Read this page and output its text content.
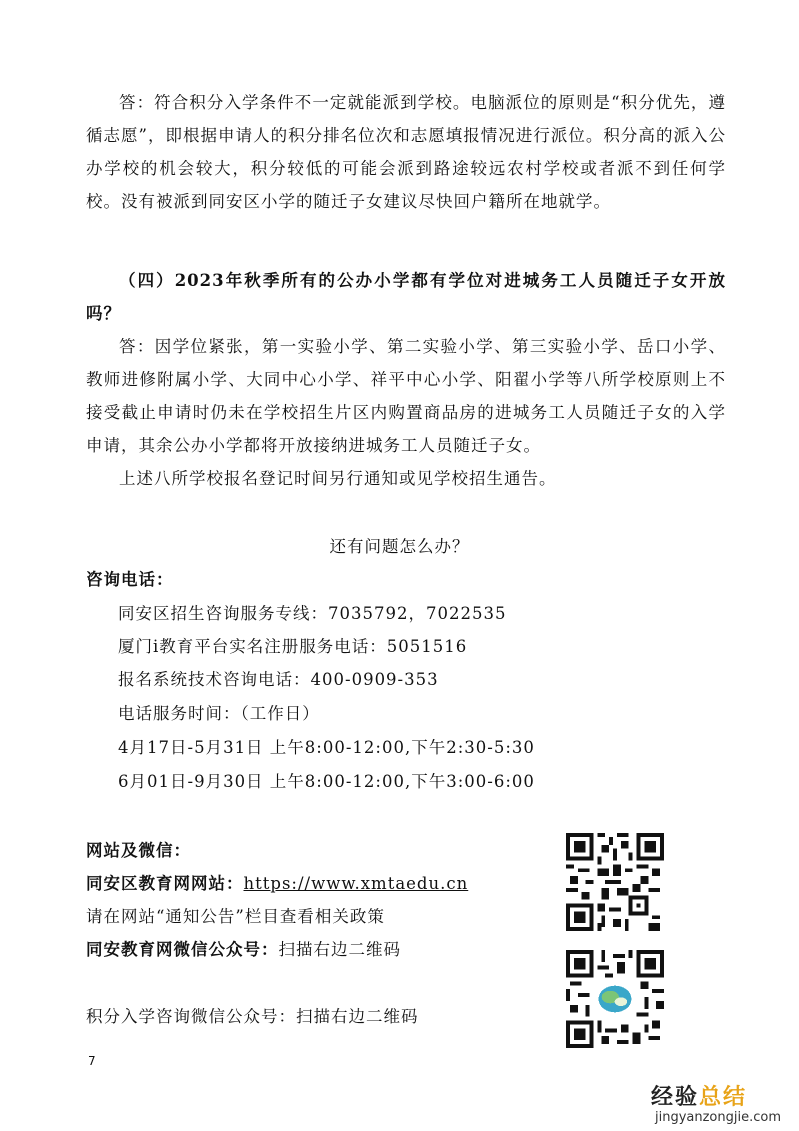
答：符合积分入学条件不一定就能派到学校。电脑派位的原则是“积分优先，遵循志愿”，即根据申请人的积分排名位次和志愿填报情况进行派位。积分高的派入公办学校的机会较大，积分较低的可能会派到路途较远农村学校或者派不到任何学校。没有被派到同安区小学的随迁子女建议尽快回户籍所在地就学。
（四）2023年秋季所有的公办小学都有学位对进城务工人员随迁子女开放吗？
答：因学位紧张，第一实验小学、第二实验小学、第三实验小学、岳口小学、教师进修附属小学、大同中心小学、祥平中心小学、阳翟小学等八所学校原则上不接受截止申请时仍未在学校招生片区内购置商品房的进城务工人员随迁子女的入学申请，其余公办小学都将开放接纳进城务工人员随迁子女。
上述八所学校报名登记时间另行通知或见学校招生通告。
还有问题怎么办？
咨询电话：
同安区招生咨询服务专线：7035792，7022535
厦门i教育平台实名注册服务电话：5051516
报名系统技术咨询电话：400-0909-353
电话服务时间：（工作日）
4月17日-5月31日 上午8:00-12:00,下午2:30-5:30
6月01日-9月30日 上午8:00-12:00,下午3:00-6:00
网站及微信：
同安区教育网网站：https://www.xmtaedu.cn
请在网站“通知公告”栏目查看相关政策
同安教育网微信公众号：扫描右边二维码
积分入学咨询微信公众号：扫描右边二维码
7
经验总结
jingyanzongjie.com
